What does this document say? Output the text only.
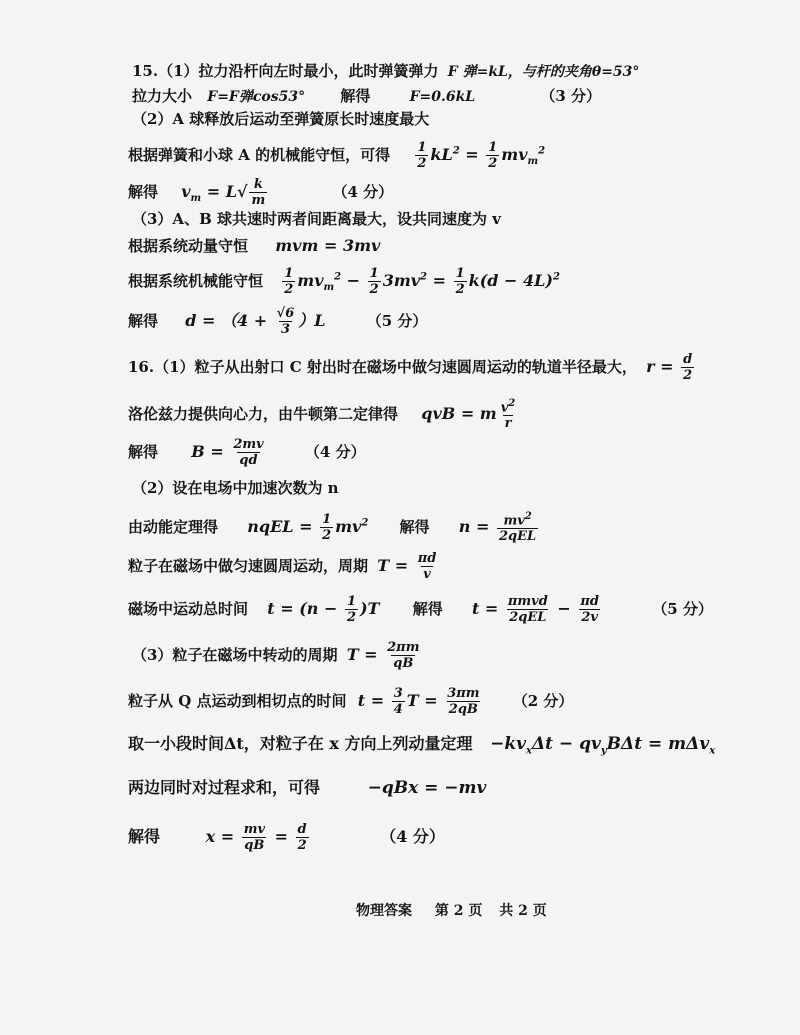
15.（1）拉力沿杆向左时最小，此时弹簧弹力 F 弹=kL，与杆的夹角θ=53°
拉力大小 F=F弹cos53° 解得	F=0.6kL	（3 分）
（2）A 球释放后运动至弹簧原长时速度最大
根据弹簧和小球 A 的机械能守恒，可得 $\frac{1}{2} kL^2 = \frac{1}{2} mv_m^2$
解得 $v_m = L√ \frac{k}{m}$	（4 分）
（3）A、B 球共速时两者间距离最大，设共同速度为 v
根据系统动量守恒 mvm = 3mv
根据系统机械能守恒 $\frac{1}{2} mv_m^2 - \frac{1}{2} 3mv^2 = \frac{1}{2} k(d - 4L)^2$
解得 $d = (4 + \frac{√6}{3} )L$	（5 分）
16.（1）粒子从出射口 C 射出时在磁场中做匀速圆周运动的轨道半径最大， $r = \frac{d}{2}$
洛伦兹力提供向心力，由牛顿第二定律得 qvB = m $\frac{v^2}{r}$
解得 $B = \frac{2mv}{qd}$	（4 分）
（2）设在电场中加速次数为 n
由动能定理得 nqEL = $\frac{1}{2} mv^2$ 解得 $n = \frac{mv^2}{\text{2qEL}}$
粒子在磁场中做匀速圆周运动，周期 $T = \frac{\pi d}{v}$
磁场中运动总时间 $t = (n - \frac{1}{2} )T$ 解得 $t = \frac{\text{πmvd}}{\text{2qEL}} - \frac{\pi d}{2v}$	（5 分）
（3）粒子在磁场中转动的周期 $T = \frac{2\pi m}{qB}$
粒子从 Q 点运动到相切点的时间 $t = \frac{3}{4}$ $T = \frac{3\pi m}{2qB} (2$ 分）
取一小段时间Δt，对粒子在 x 方向上列动量定理 $-kv_x\Delta t - qv_yB\Delta t = m\Delta v_x$
两边同时对过程求和，可得	−qBx = −mv
解得	$x = \frac{mv}{qB} = \frac{d}{2}$	（4 分）
物理答案 第 2 页 共 2 页
